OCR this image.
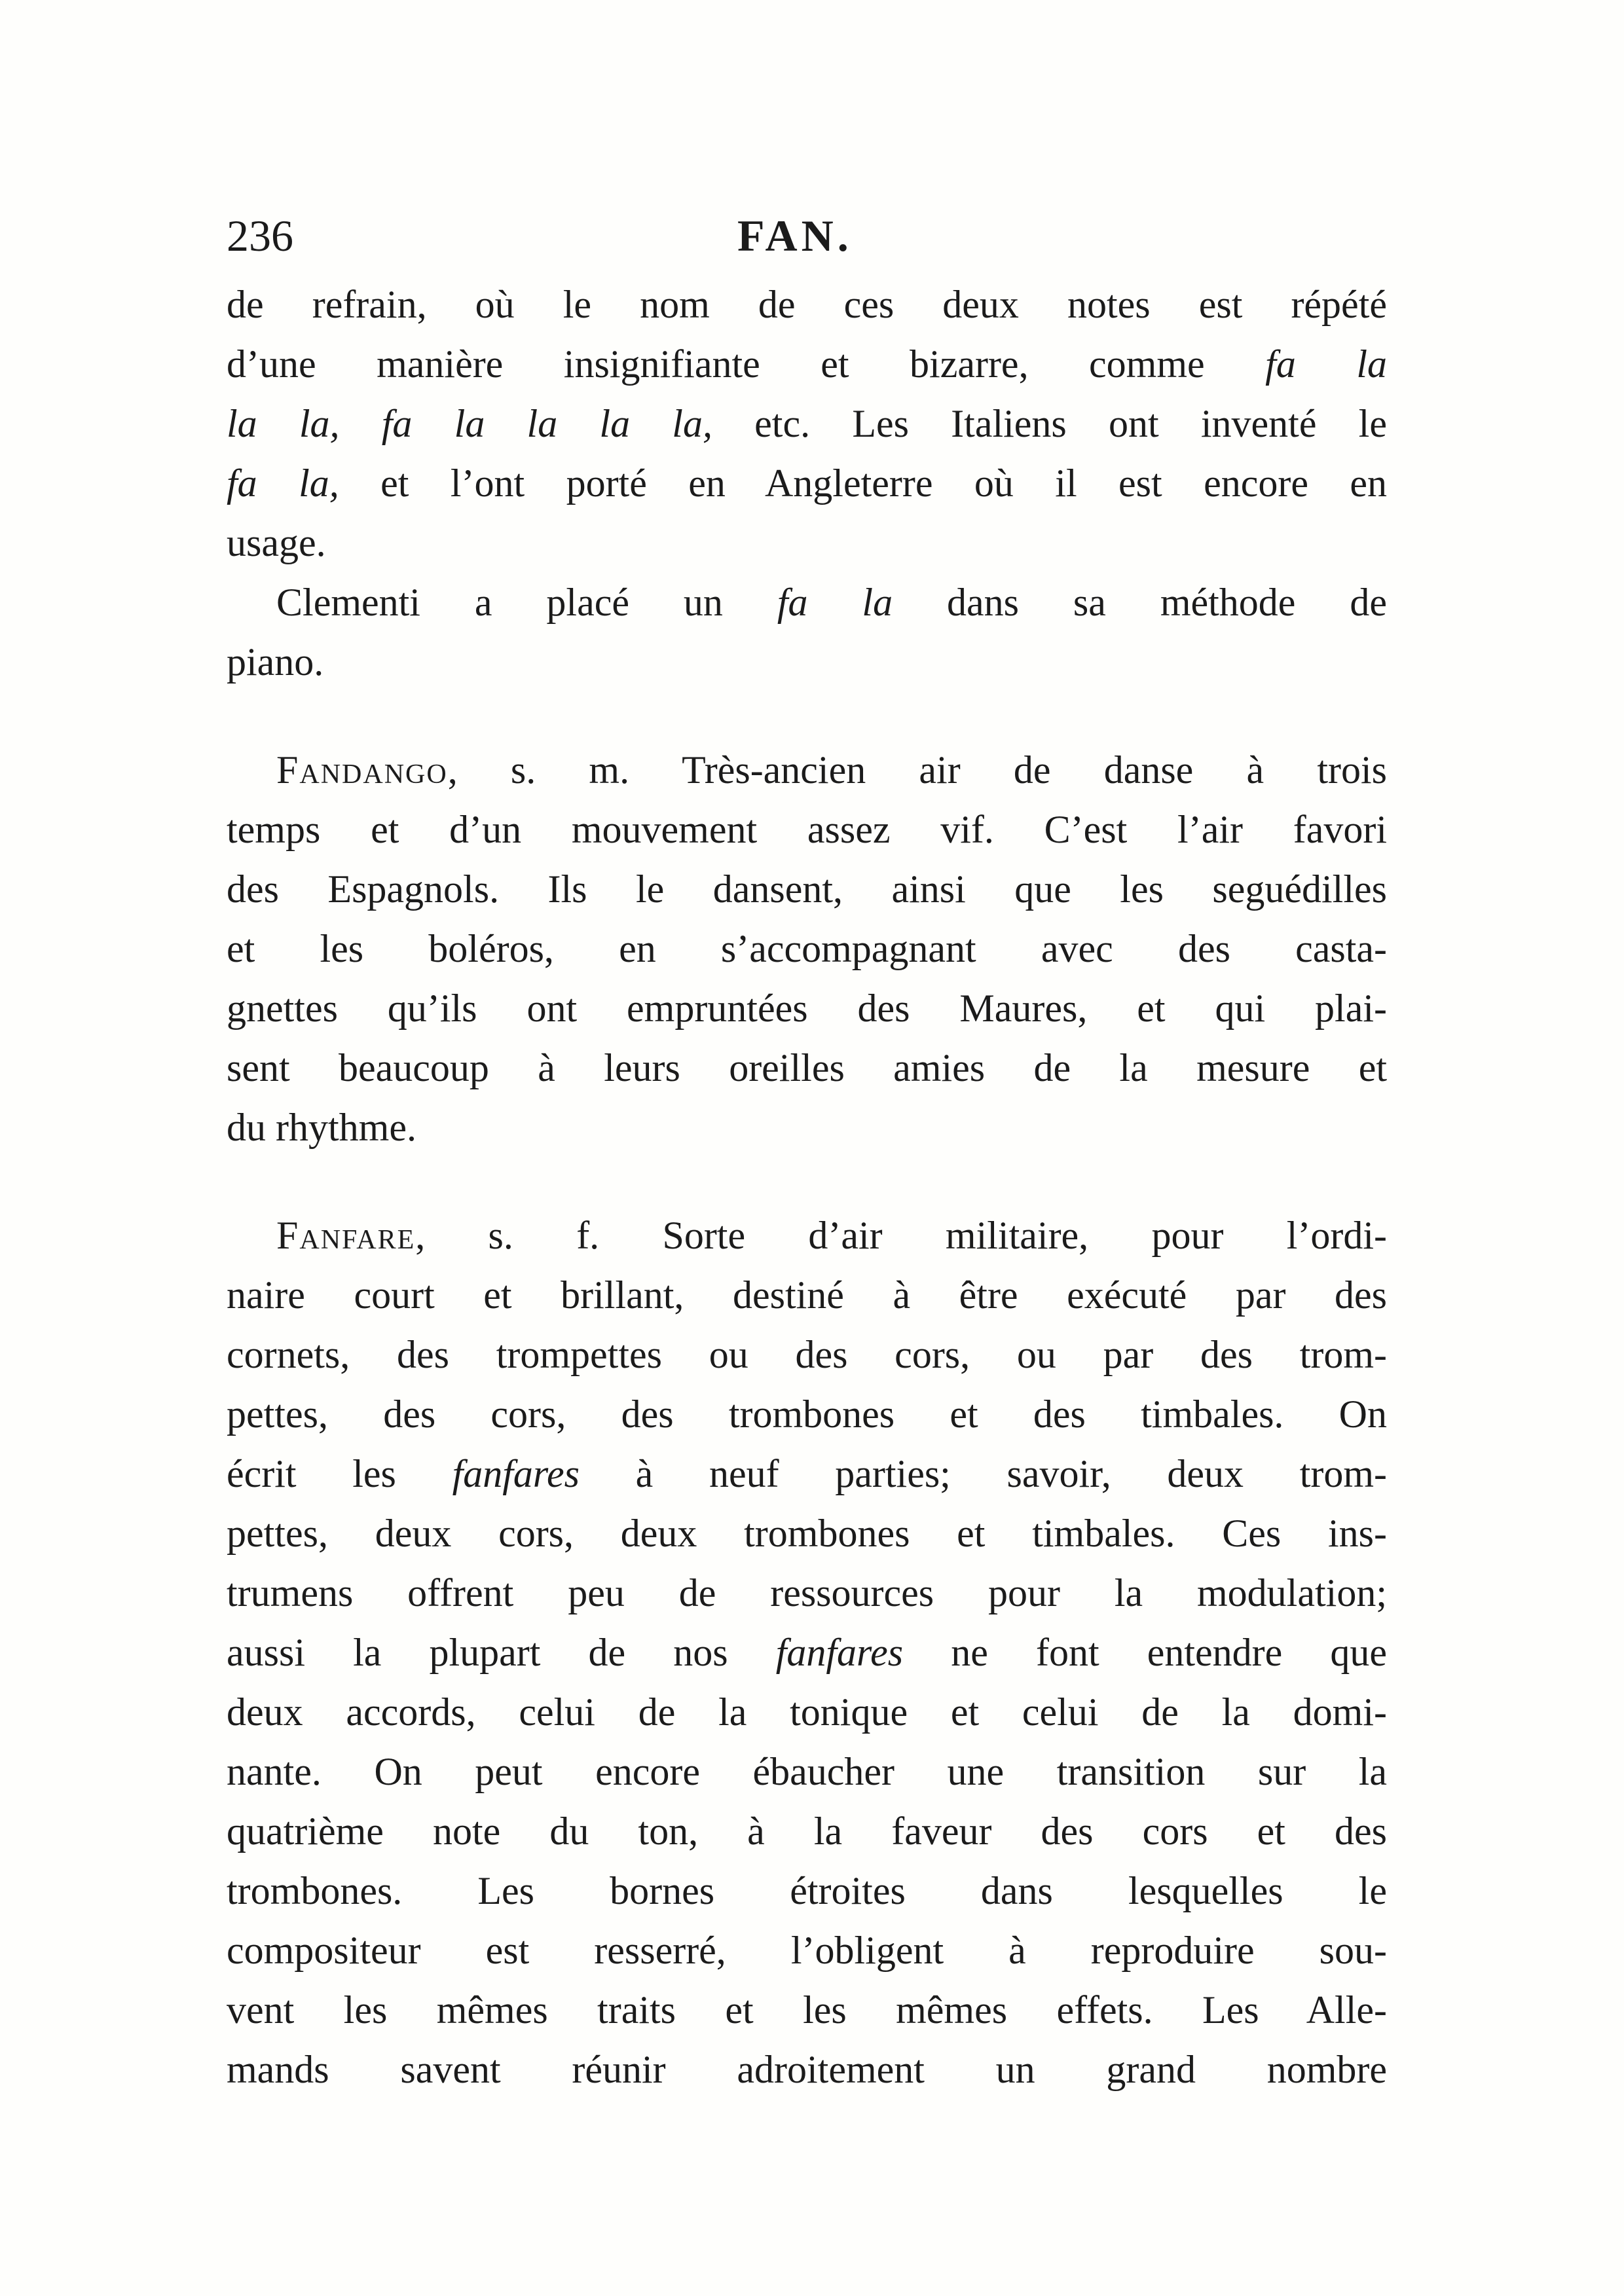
236	FAN.
de refrain, où le nom de ces deux notes est répété
d’une manière insignifiante et bizarre, comme fa la
la la, fa la la la la, etc. Les Italiens ont inventé le
fa la, et l’ont porté en Angleterre où il est encore en
usage.
Clementi a placé un fa la dans sa méthode de
piano.
Fandango, s. m. Très-ancien air de danse à trois
temps et d’un mouvement assez vif. C’est l’air favori
des Espagnols. Ils le dansent, ainsi que les seguédilles
et les boléros, en s’accompagnant avec des casta-
gnettes qu’ils ont empruntées des Maures, et qui plai-
sent beaucoup à leurs oreilles amies de la mesure et
du rhythme.
Fanfare, s. f. Sorte d’air militaire, pour l’ordi-
naire court et brillant, destiné à être exécuté par des
cornets, des trompettes ou des cors, ou par des trom-
pettes, des cors, des trombones et des timbales. On
écrit les fanfares à neuf parties; savoir, deux trom-
pettes, deux cors, deux trombones et timbales. Ces ins-
trumens offrent peu de ressources pour la modulation;
aussi la plupart de nos fanfares ne font entendre que
deux accords, celui de la tonique et celui de la domi-
nante. On peut encore ébaucher une transition sur la
quatrième note du ton, à la faveur des cors et des
trombones. Les bornes étroites dans lesquelles le
compositeur est resserré, l’obligent à reproduire sou-
vent les mêmes traits et les mêmes effets. Les Alle-
mands savent réunir adroitement un grand nombre
